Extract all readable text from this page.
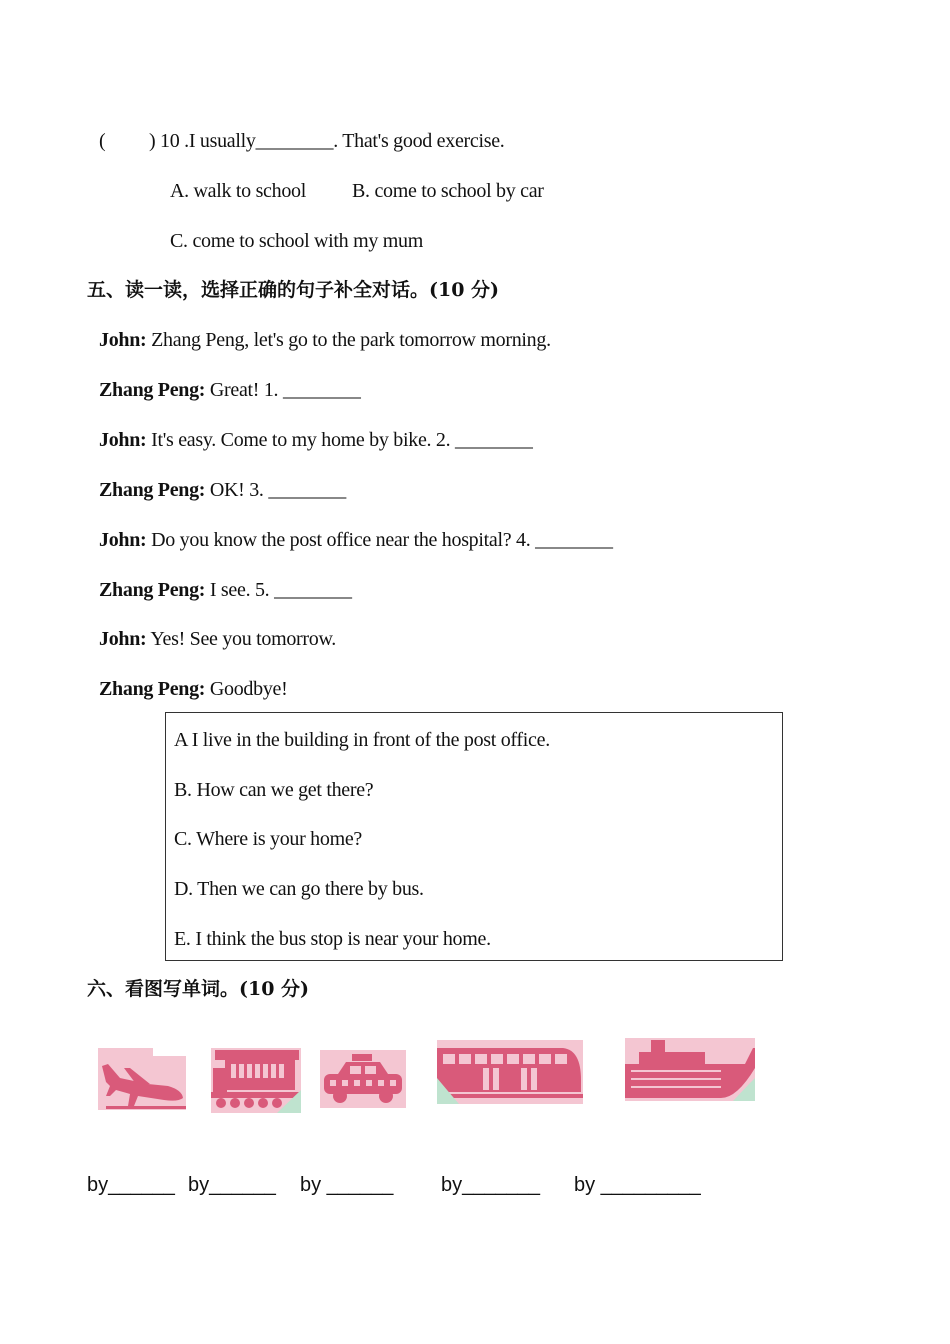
( ) 10 .I usually________. That's good exercise.
A. walk to school B. come to school by car
C. come to school with my mum
五、读一读，选择正确的句子补全对话。(10 分)
John: Zhang Peng, let's go to the park tomorrow morning.
Zhang Peng: Great! 1. ________
John: It's easy. Come to my home by bike. 2. ________
Zhang Peng: OK! 3. ________
John: Do you know the post office near the hospital? 4. ________
Zhang Peng: I see. 5. ________
John: Yes! See you tomorrow.
Zhang Peng: Goodbye!
A I live in the building in front of the post office.
B. How can we get there?
C. Where is your home?
D. Then we can go there by bus.
E. I think the bus stop is near your home.
六、看图写单词。(10 分)
by______ by______ by ______ by_______ by _________
